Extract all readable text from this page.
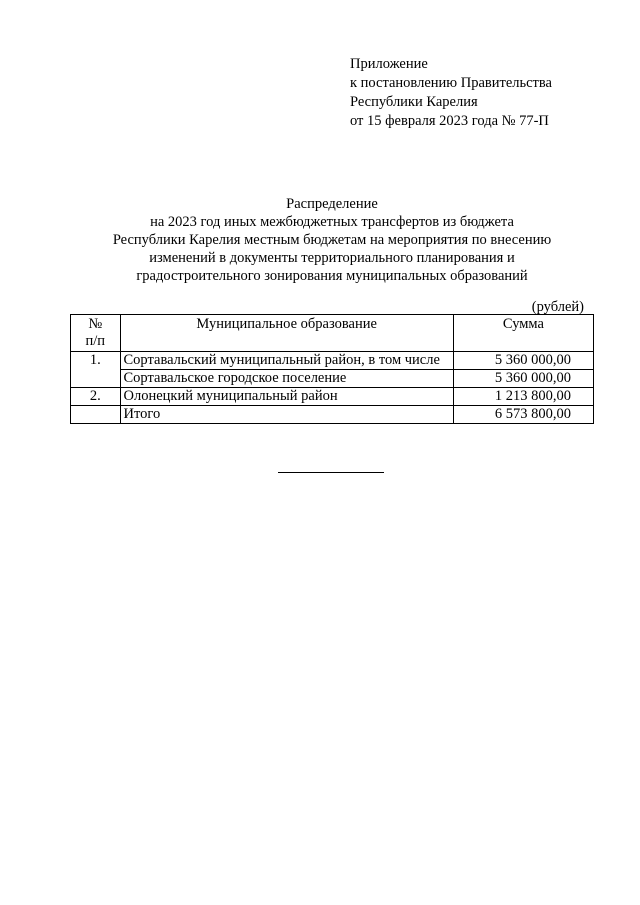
Приложение
к постановлению Правительства
Республики Карелия
от 15 февраля 2023 года № 77-П
Распределение
на 2023 год иных межбюджетных трансфертов из бюджета
Республики Карелия местным бюджетам на мероприятия по внесению
изменений в документы территориального планирования и
градостроительного зонирования муниципальных образований
(рублей)
№
п/п	Муниципальное образование	Сумма
1.	Сортавальский муниципальный район, в том числе	5 360 000,00
	Сортавальское городское поселение	5 360 000,00
2.	Олонецкий муниципальный район	1 213 800,00
	Итого	6 573 800,00
